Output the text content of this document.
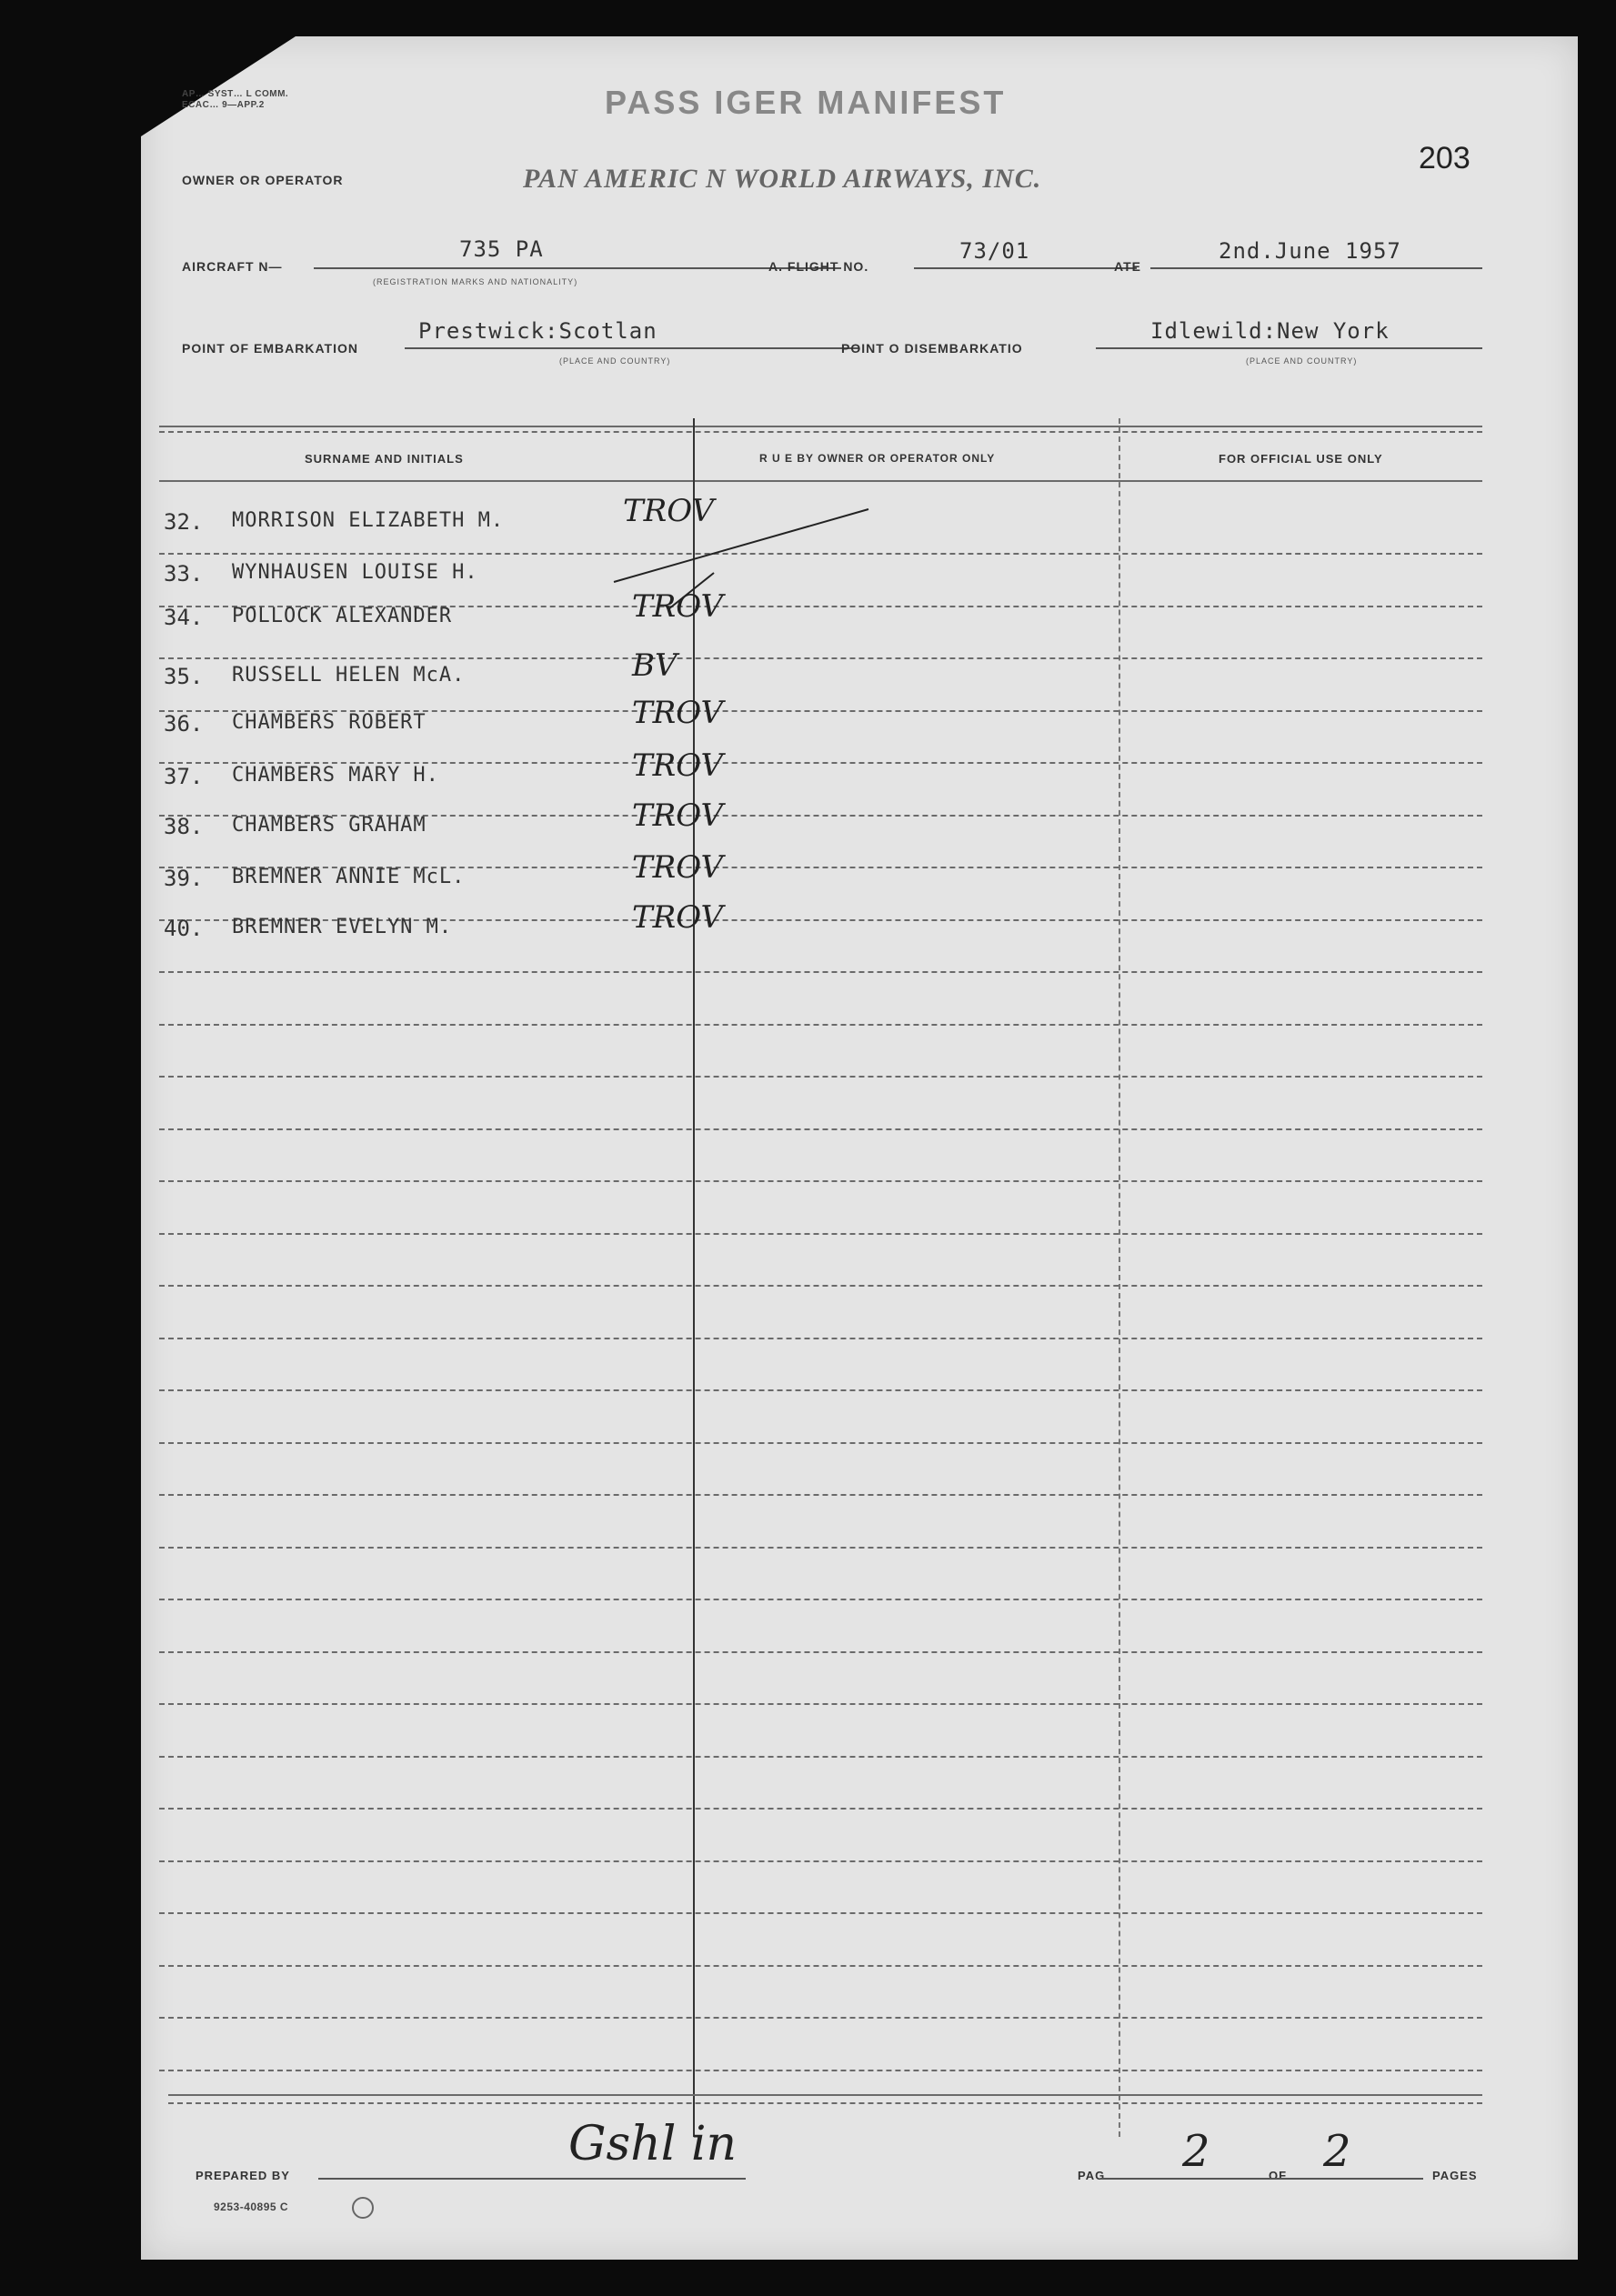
AP… SYST… L COMM. ECAC… 9—APP.2	PASS IGER MANIFEST
203
OWNER OR OPERATOR	PAN AMERIC N WORLD AIRWAYS, INC.
AIRCRAFT N—
735 PA
(REGISTRATION MARKS AND NATIONALITY)
A. FLIGHT NO.
73/01
ATE
2nd.June 1957
POINT OF EMBARKATION
Prestwick:Scotlan
(PLACE AND COUNTRY)
POINT O DISEMBARKATIO
Idlewild:New York
(PLACE AND COUNTRY)
SURNAME AND INITIALS	R U E BY OWNER OR OPERATOR ONLY	FOR OFFICIAL USE ONLY
32. MORRISON ELIZABETH M.	TROV
33. WYNHAUSEN LOUISE H.
34. POLLOCK ALEXANDER	TROV
35. RUSSELL HELEN McA.	BV
36. CHAMBERS ROBERT	TROV
37. CHAMBERS MARY H.	TROV
38. CHAMBERS GRAHAM	TROV
39. BREMNER ANNIE McL.	TROV
40. BREMNER EVELYN M.	TROV
PREPARED BY
Gshl in
PAG 2	OF 2	PAGES
9253-40895 C
